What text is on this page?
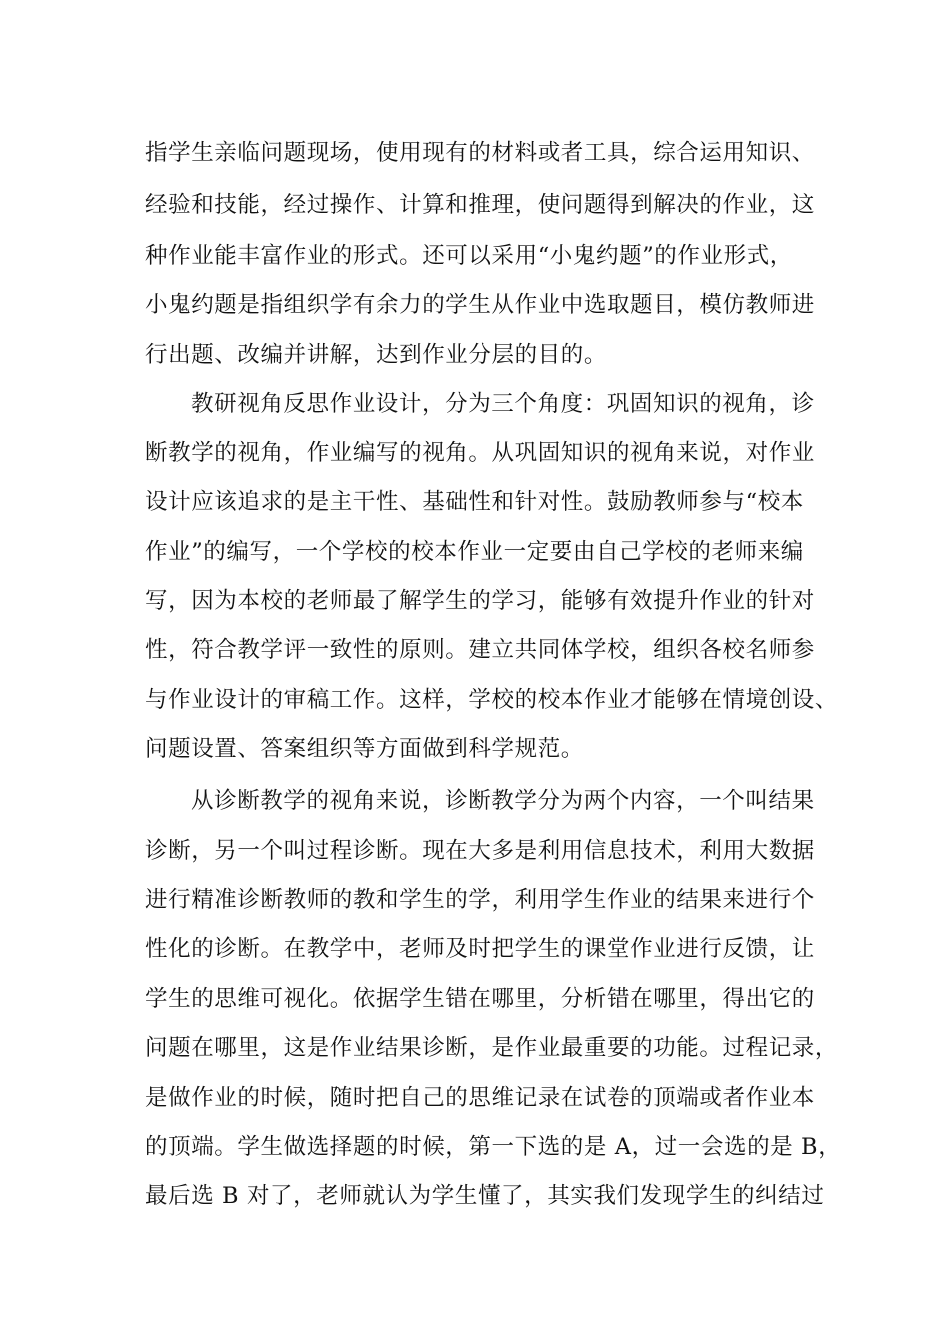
指学生亲临问题现场，使用现有的材料或者工具，综合运用知识、
经验和技能，经过操作、计算和推理，使问题得到解决的作业，这
种作业能丰富作业的形式。还可以采用“小鬼约题”的作业形式，
小鬼约题是指组织学有余力的学生从作业中选取题目，模仿教师进
行出题、改编并讲解，达到作业分层的目的。
教研视角反思作业设计，分为三个角度：巩固知识的视角，诊
断教学的视角，作业编写的视角。从巩固知识的视角来说，对作业
设计应该追求的是主干性、基础性和针对性。鼓励教师参与“校本
作业”的编写，一个学校的校本作业一定要由自己学校的老师来编
写，因为本校的老师最了解学生的学习，能够有效提升作业的针对
性，符合教学评一致性的原则。建立共同体学校，组织各校名师参
与作业设计的审稿工作。这样，学校的校本作业才能够在情境创设、
问题设置、答案组织等方面做到科学规范。
从诊断教学的视角来说，诊断教学分为两个内容，一个叫结果
诊断，另一个叫过程诊断。现在大多是利用信息技术，利用大数据
进行精准诊断教师的教和学生的学，利用学生作业的结果来进行个
性化的诊断。在教学中，老师及时把学生的课堂作业进行反馈，让
学生的思维可视化。依据学生错在哪里，分析错在哪里，得出它的
问题在哪里，这是作业结果诊断，是作业最重要的功能。过程记录，
是做作业的时候，随时把自己的思维记录在试卷的顶端或者作业本
的顶端。学生做选择题的时候，第一下选的是 A，过一会选的是 B，
最后选 B 对了，老师就认为学生懂了，其实我们发现学生的纠结过
